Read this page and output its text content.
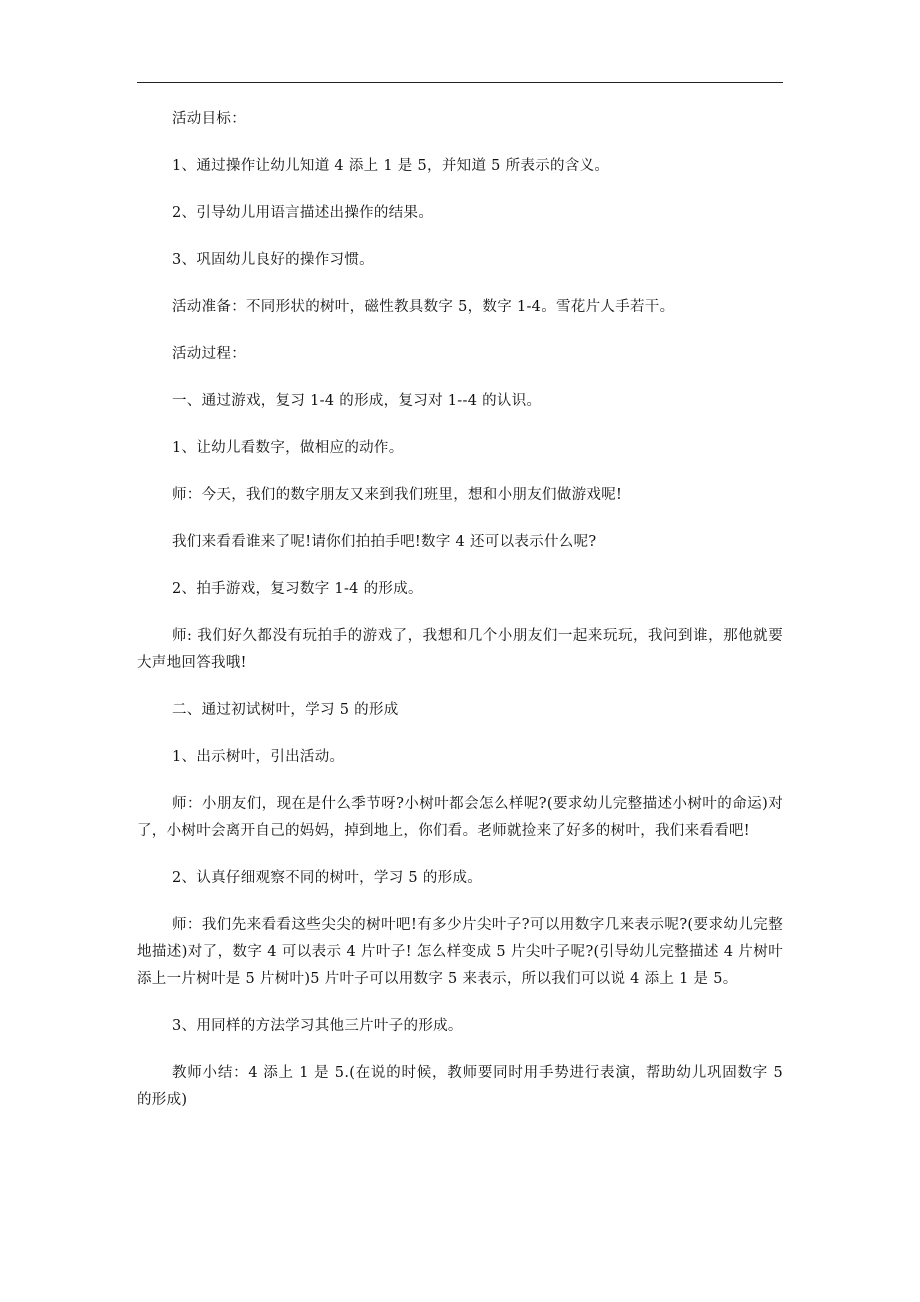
活动目标：

1、通过操作让幼儿知道 4 添上 1 是 5，并知道 5 所表示的含义。

2、引导幼儿用语言描述出操作的结果。

3、巩固幼儿良好的操作习惯。

活动准备：不同形状的树叶，磁性教具数字 5，数字 1-4。雪花片人手若干。

活动过程：

一、通过游戏，复习 1-4 的形成，复习对 1--4 的认识。

1、让幼儿看数字，做相应的动作。

师：今天，我们的数字朋友又来到我们班里，想和小朋友们做游戏呢!

我们来看看谁来了呢!请你们拍拍手吧!数字 4 还可以表示什么呢?

2、拍手游戏，复习数字 1-4 的形成。

师: 我们好久都没有玩拍手的游戏了，我想和几个小朋友们一起来玩玩，我问到谁，那他就要大声地回答我哦!

二、通过初试树叶，学习 5 的形成

1、出示树叶，引出活动。

师：小朋友们，现在是什么季节呀?小树叶都会怎么样呢?(要求幼儿完整描述小树叶的命运)对了，小树叶会离开自己的妈妈，掉到地上，你们看。老师就捡来了好多的树叶，我们来看看吧!

2、认真仔细观察不同的树叶，学习 5 的形成。

师：我们先来看看这些尖尖的树叶吧!有多少片尖叶子?可以用数字几来表示呢?(要求幼儿完整地描述)对了，数字 4 可以表示 4 片叶子! 怎么样变成 5 片尖叶子呢?(引导幼儿完整描述 4 片树叶添上一片树叶是 5 片树叶)5 片叶子可以用数字 5 来表示，所以我们可以说 4 添上 1 是 5。

3、用同样的方法学习其他三片叶子的形成。

教师小结：4 添上 1 是 5.(在说的时候，教师要同时用手势进行表演，帮助幼儿巩固数字 5 的形成)
